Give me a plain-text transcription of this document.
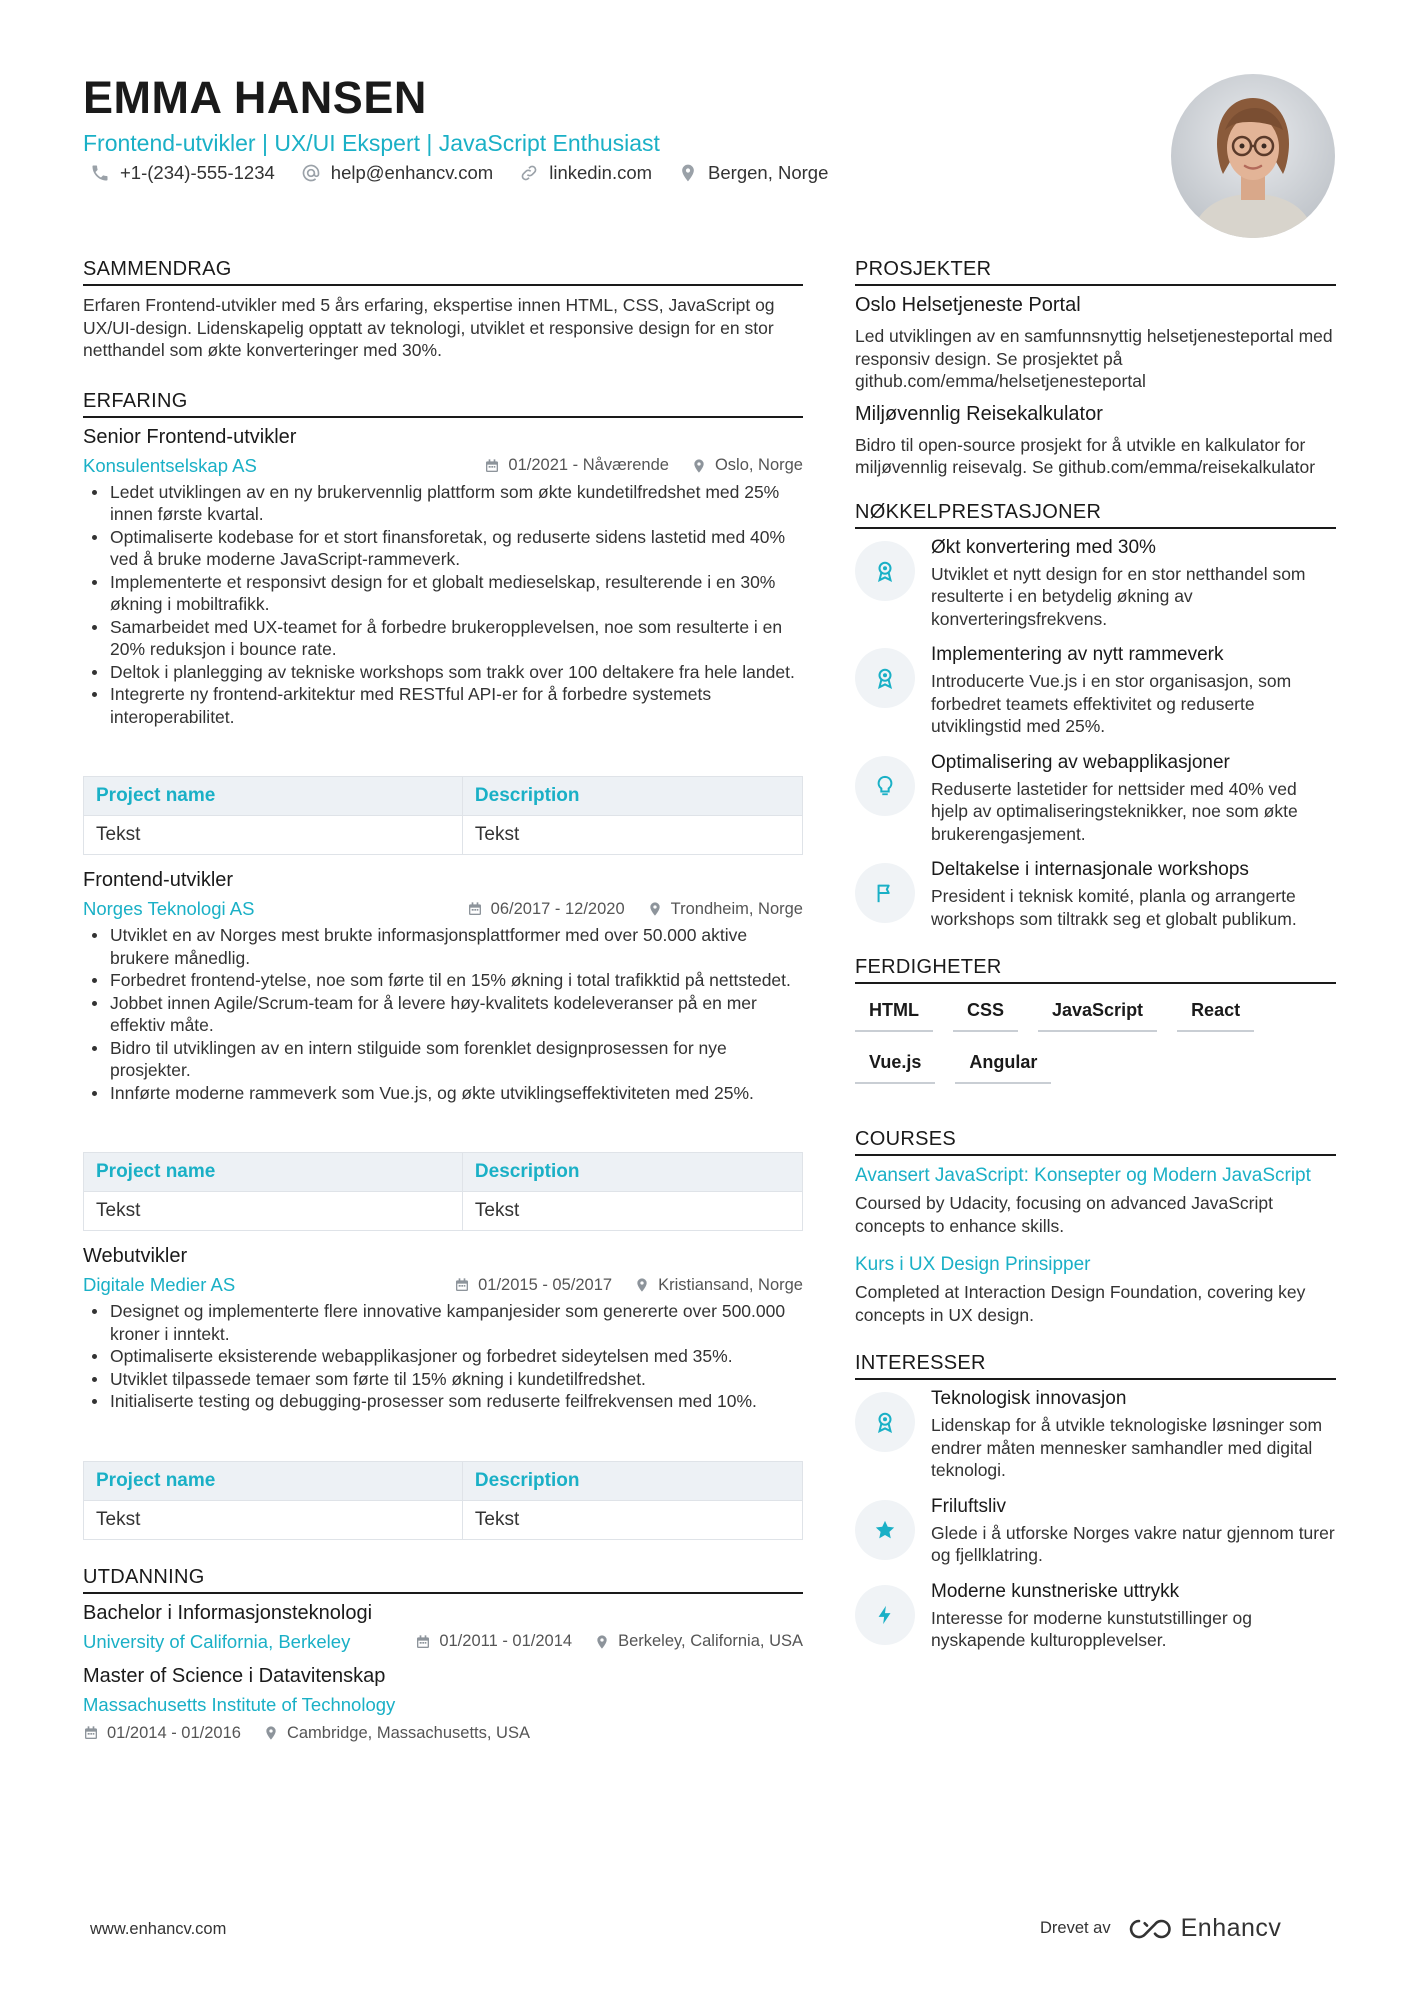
EMMA HANSEN
Frontend-utvikler | UX/UI Ekspert | JavaScript Enthusiast
+1-(234)-555-1234	help@enhancv.com	linkedin.com	Bergen, Norge
SAMMENDRAG
Erfaren Frontend-utvikler med 5 års erfaring, ekspertise innen HTML, CSS, JavaScript og UX/UI-design. Lidenskapelig opptatt av teknologi, utviklet et responsive design for en stor netthandel som økte konverteringer med 30%.
ERFARING
Senior Frontend-utvikler
Konsulentselskap AS	01/2021 - Nåværende	Oslo, Norge
Ledet utviklingen av en ny brukervennlig plattform som økte kundetilfredshet med 25% innen første kvartal.
Optimaliserte kodebase for et stort finansforetak, og reduserte sidens lastetid med 40% ved å bruke moderne JavaScript-rammeverk.
Implementerte et responsivt design for et globalt medieselskap, resulterende i en 30% økning i mobiltrafikk.
Samarbeidet med UX-teamet for å forbedre brukeropplevelsen, noe som resulterte i en 20% reduksjon i bounce rate.
Deltok i planlegging av tekniske workshops som trakk over 100 deltakere fra hele landet.
Integrerte ny frontend-arkitektur med RESTful API-er for å forbedre systemets interoperabilitet.
Project name	Description
Tekst	Tekst
Frontend-utvikler
Norges Teknologi AS	06/2017 - 12/2020	Trondheim, Norge
Utviklet en av Norges mest brukte informasjonsplattformer med over 50.000 aktive brukere månedlig.
Forbedret frontend-ytelse, noe som førte til en 15% økning i total trafikktid på nettstedet.
Jobbet innen Agile/Scrum-team for å levere høy-kvalitets kodeleveranser på en mer effektiv måte.
Bidro til utviklingen av en intern stilguide som forenklet designprosessen for nye prosjekter.
Innførte moderne rammeverk som Vue.js, og økte utviklingseffektiviteten med 25%.
Project name	Description
Tekst	Tekst
Webutvikler
Digitale Medier AS	01/2015 - 05/2017	Kristiansand, Norge
Designet og implementerte flere innovative kampanjesider som genererte over 500.000 kroner i inntekt.
Optimaliserte eksisterende webapplikasjoner og forbedret sideytelsen med 35%.
Utviklet tilpassede temaer som førte til 15% økning i kundetilfredshet.
Initialiserte testing og debugging-prosesser som reduserte feilfrekvensen med 10%.
Project name	Description
Tekst	Tekst
UTDANNING
Bachelor i Informasjonsteknologi
University of California, Berkeley	01/2011 - 01/2014	Berkeley, California, USA
Master of Science i Datavitenskap
Massachusetts Institute of Technology
01/2014 - 01/2016	Cambridge, Massachusetts, USA
PROSJEKTER
Oslo Helsetjeneste Portal
Led utviklingen av en samfunnsnyttig helsetjenesteportal med responsiv design. Se prosjektet på github.com/emma/helsetjenesteportal
Miljøvennlig Reisekalkulator
Bidro til open-source prosjekt for å utvikle en kalkulator for miljøvennlig reisevalg. Se github.com/emma/reisekalkulator
NØKKELPRESTASJONER
Økt konvertering med 30%
Utviklet et nytt design for en stor netthandel som resulterte i en betydelig økning av konverteringsfrekvens.
Implementering av nytt rammeverk
Introducerte Vue.js i en stor organisasjon, som forbedret teamets effektivitet og reduserte utviklingstid med 25%.
Optimalisering av webapplikasjoner
Reduserte lastetider for nettsider med 40% ved hjelp av optimaliseringsteknikker, noe som økte brukerengasjement.
Deltakelse i internasjonale workshops
President i teknisk komité, planla og arrangerte workshops som tiltrakk seg et globalt publikum.
FERDIGHETER
HTML	CSS	JavaScript	React
Vue.js	Angular
COURSES
Avansert JavaScript: Konsepter og Modern JavaScript
Coursed by Udacity, focusing on advanced JavaScript concepts to enhance skills.
Kurs i UX Design Prinsipper
Completed at Interaction Design Foundation, covering key concepts in UX design.
INTERESSER
Teknologisk innovasjon
Lidenskap for å utvikle teknologiske løsninger som endrer måten mennesker samhandler med digital teknologi.
Friluftsliv
Glede i å utforske Norges vakre natur gjennom turer og fjellklatring.
Moderne kunstneriske uttrykk
Interesse for moderne kunstutstillinger og nyskapende kulturopplevelser.
www.enhancv.com	Drevet av	Enhancv
